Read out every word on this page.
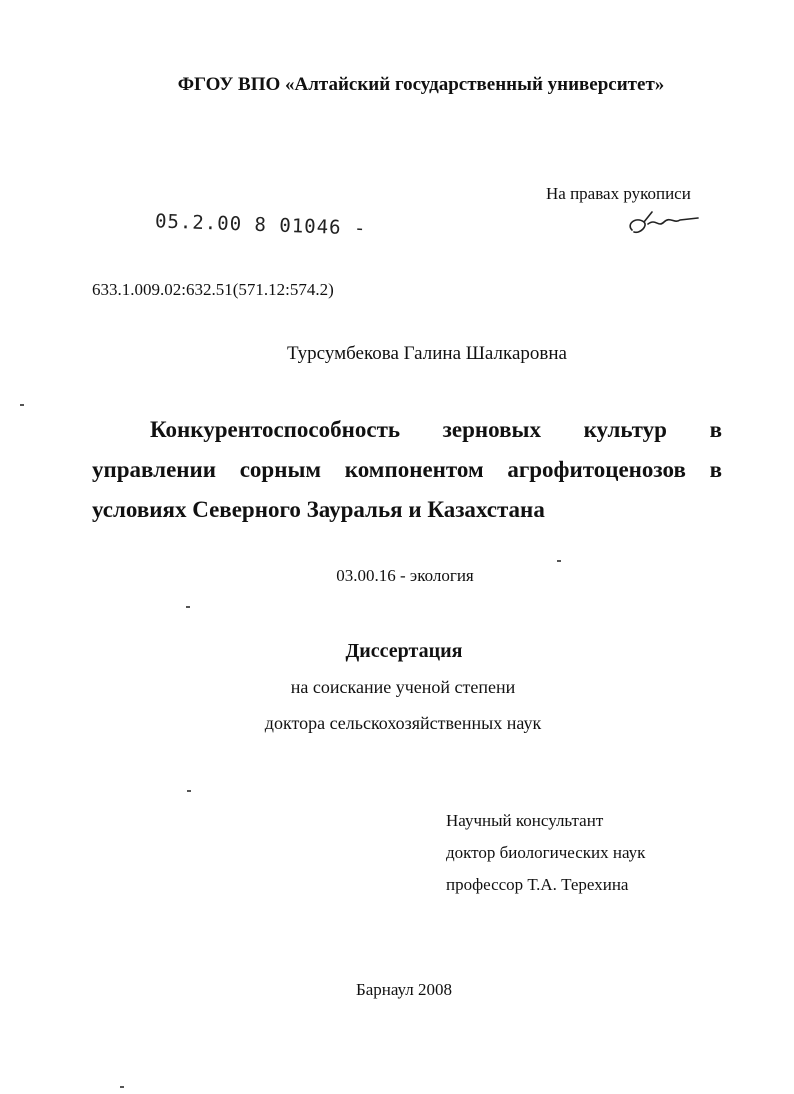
ФГОУ ВПО «Алтайский государственный университет»
На правах рукописи
05.2.00 8 01046 -
633.1.009.02:632.51(571.12:574.2)
Турсумбекова Галина Шалкаровна
Конкурентоспособность зерновых культур в
управлении сорным компонентом агрофитоценозов в
условиях Северного Зауралья и Казахстана
03.00.16 - экология
Диссертация
на соискание ученой степени
доктора сельскохозяйственных наук
Научный консультант
доктор биологических наук
профессор Т.А. Терехина
Барнаул 2008
